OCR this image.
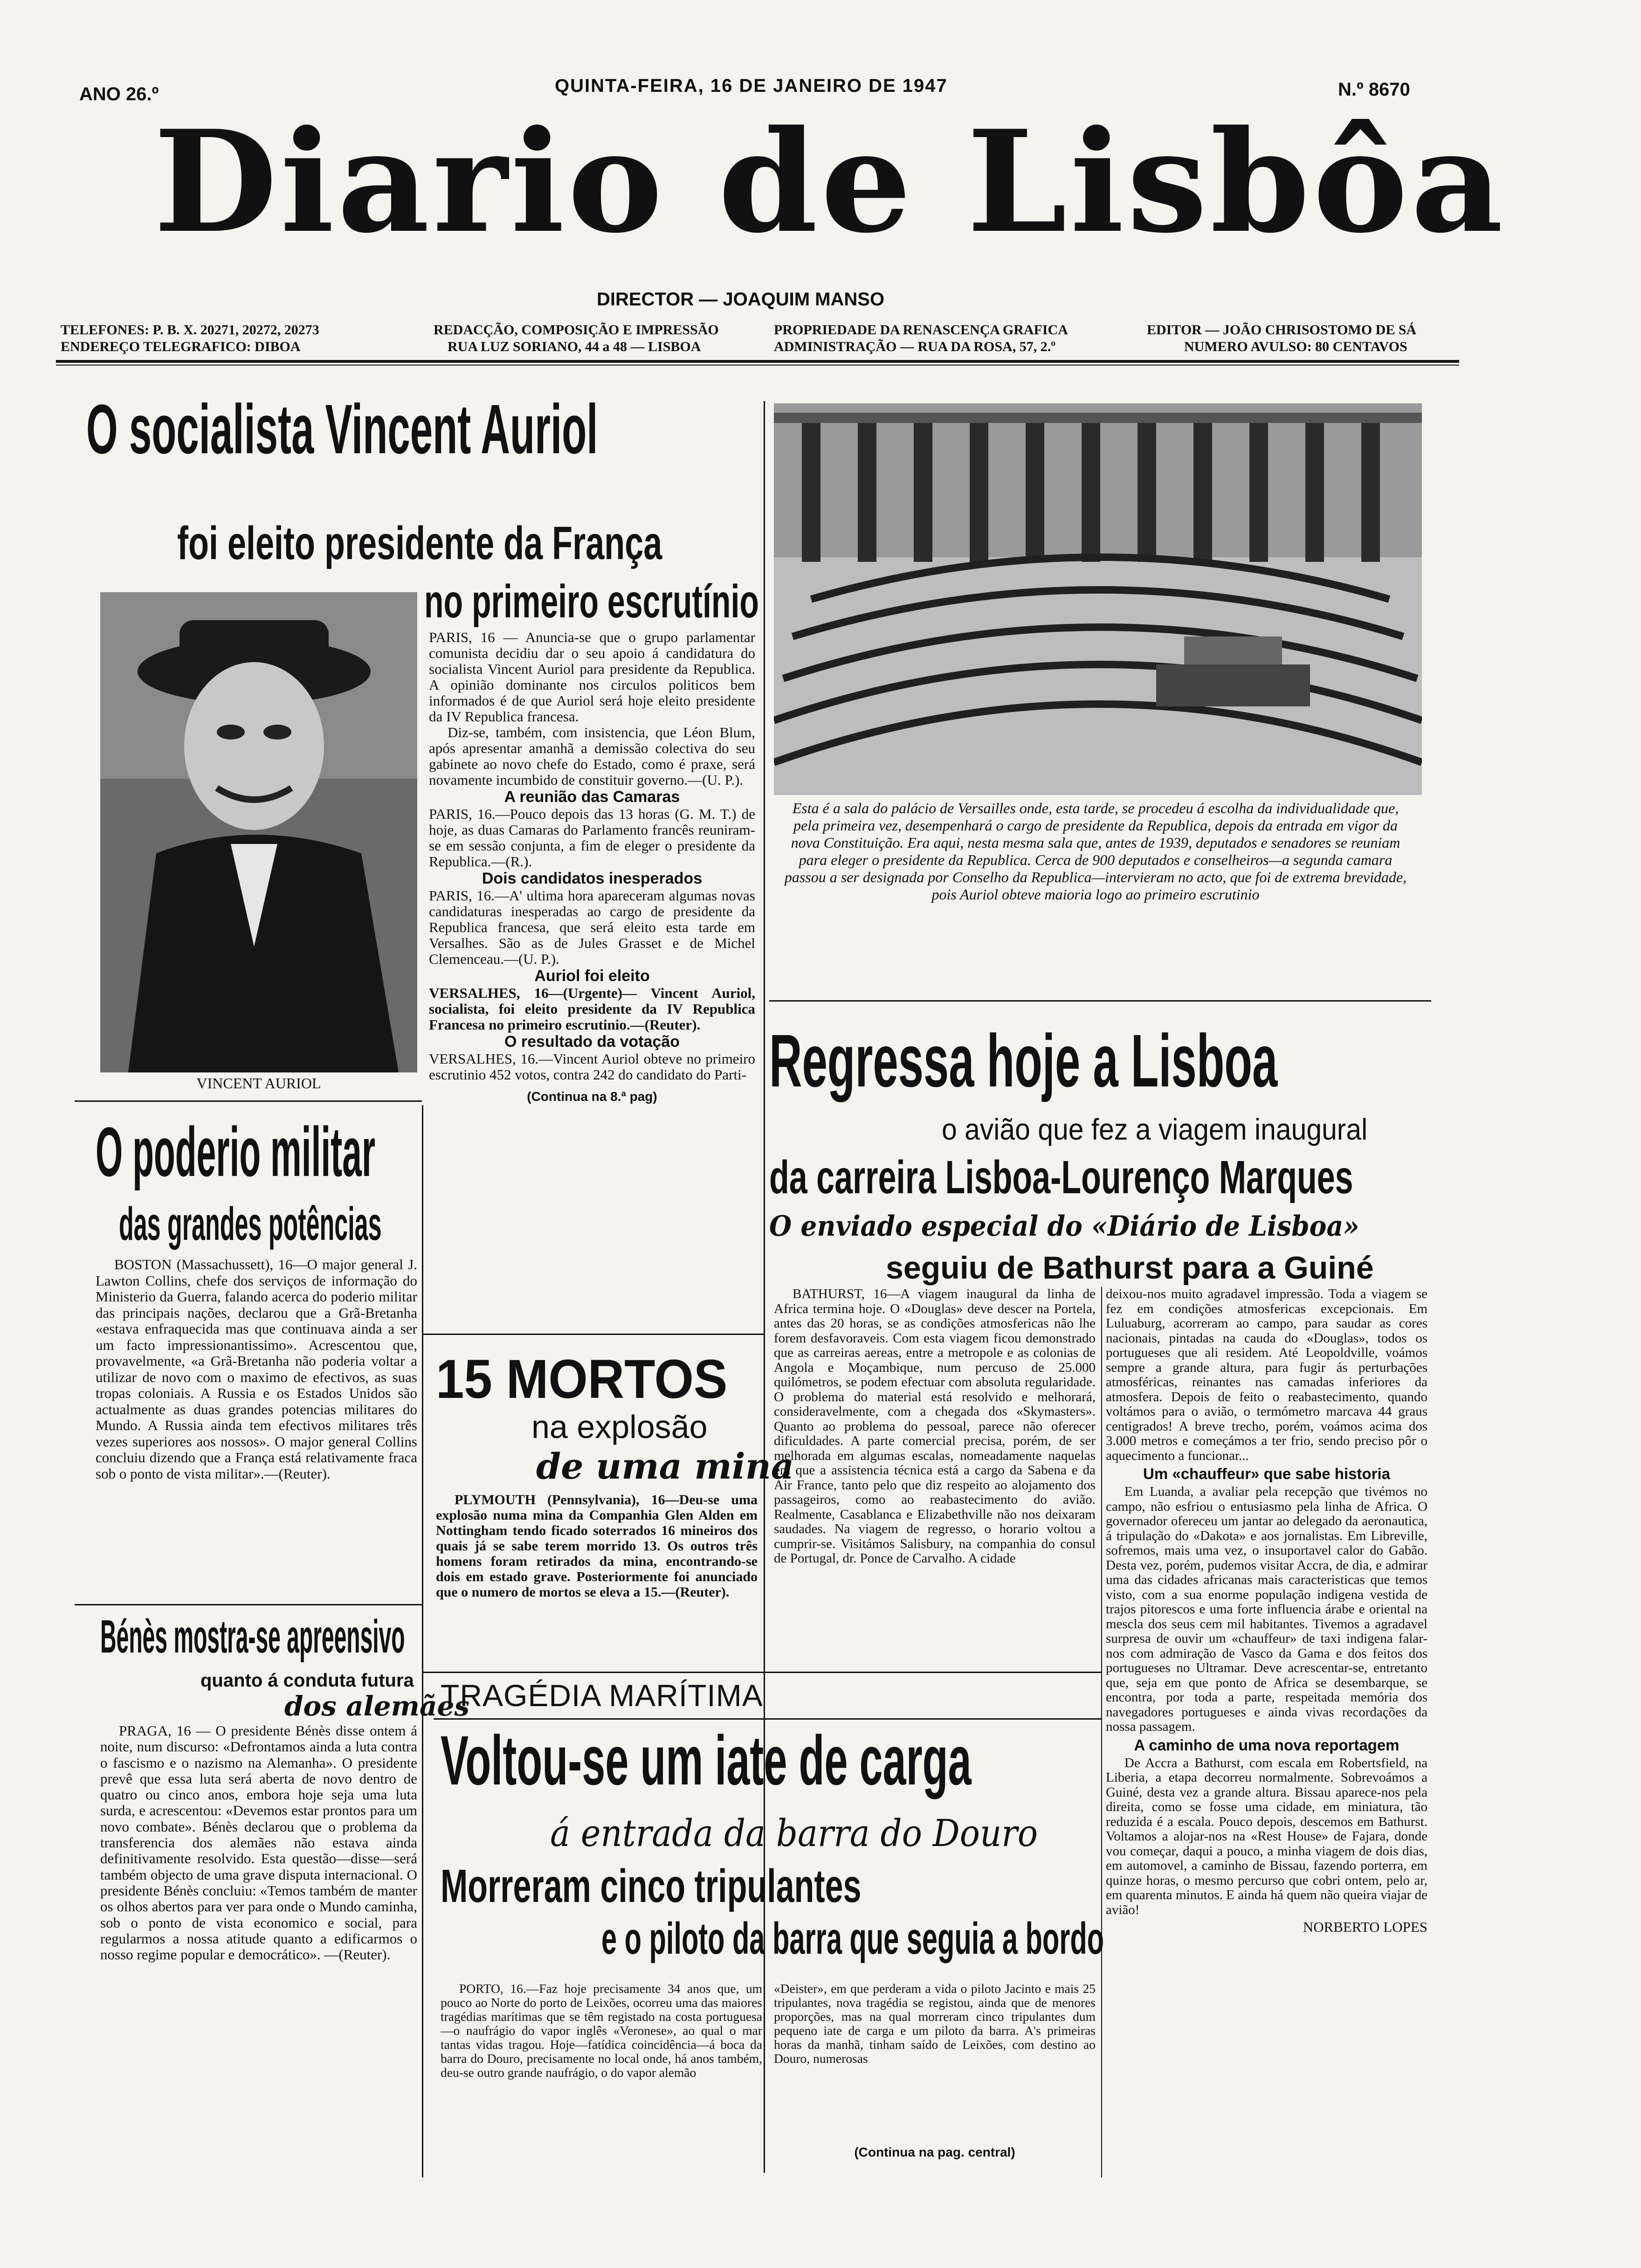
ANO 26.º	QUINTA-FEIRA, 16 DE JANEIRO DE 1947	N.º 8670
Diario de Lisbôa
DIRECTOR — JOAQUIM MANSO
TELEFONES: P. B. X. 20271, 20272, 20273
ENDEREÇO TELEGRAFICO: DIBOA
REDACÇÃO, COMPOSIÇÃO E IMPRESSÃO
RUA LUZ SORIANO, 44 a 48 — LISBOA
PROPRIEDADE DA RENASCENÇA GRAFICA
ADMINISTRAÇÃO — RUA DA ROSA, 57, 2.º
EDITOR — JOÃO CHRISOSTOMO DE SÁ
NUMERO AVULSO: 80 CENTAVOS
O socialista Vincent Auriol
foi eleito presidente da França
no primeiro escrutínio
VINCENT AURIOL
PARIS, 16 — Anuncia-se que o grupo parlamentar comunista decidiu dar o seu apoio á candidatura do socialista Vincent Auriol para presidente da Republica. A opinião dominante nos circulos politicos bem informados é de que Auriol será hoje eleito presidente da IV Republica francesa.
Diz-se, também, com insistencia, que Léon Blum, após apresentar amanhã a demissão colectiva do seu gabinete ao novo chefe do Estado, como é praxe, será novamente incumbido de constituir governo.—(U. P.).
A reunião das Camaras
PARIS, 16.—Pouco depois das 13 horas (G. M. T.) de hoje, as duas Camaras do Parlamento francês reuniram-se em sessão conjunta, a fim de eleger o presidente da Republica.—(R.).
Dois candidatos inesperados
PARIS, 16.—A' ultima hora apareceram algumas novas candidaturas inesperadas ao cargo de presidente da Republica francesa, que será eleito esta tarde em Versalhes. São as de Jules Grasset e de Michel Clemenceau.—(U. P.).
Auriol foi eleito
VERSALHES, 16—(Urgente)— Vincent Auriol, socialista, foi eleito presidente da IV Republica Francesa no primeiro escrutinio.—(Reuter).
O resultado da votação
VERSALHES, 16.—Vincent Auriol obteve no primeiro escrutinio 452 votos, contra 242 do candidato do Parti-
(Continua na 8.ª pag)
Esta é a sala do palácio de Versailles onde, esta tarde, se procedeu á escolha da individualidade que, pela primeira vez, desempenhará o cargo de presidente da Republica, depois da entrada em vigor da nova Constituição. Era aqui, nesta mesma sala que, antes de 1939, deputados e senadores se reuniam para eleger o presidente da Republica. Cerca de 900 deputados e conselheiros—a segunda camara passou a ser designada por Conselho da Republica—intervieram no acto, que foi de extrema brevidade, pois Auriol obteve maioria logo ao primeiro escrutinio
Regressa hoje a Lisboa
o avião que fez a viagem inaugural
da carreira Lisboa-Lourenço Marques
O enviado especial do «Diário de Lisboa»
seguiu de Bathurst para a Guiné
BATHURST, 16—A viagem inaugural da linha de Africa termina hoje. O «Douglas» deve descer na Portela, antes das 20 horas, se as condições atmosfericas não lhe forem desfavoraveis. Com esta viagem ficou demonstrado que as carreiras aereas, entre a metropole e as colonias de Angola e Moçambique, num percuso de 25.000 quilómetros, se podem efectuar com absoluta regularidade. O problema do material está resolvido e melhorará, consideravelmente, com a chegada dos «Skymasters». Quanto ao problema do pessoal, parece não oferecer dificuldades. A parte comercial precisa, porém, de ser melhorada em algumas escalas, nomeadamente naquelas em que a assistencia técnica está a cargo da Sabena e da Air France, tanto pelo que diz respeito ao alojamento dos passageiros, como ao reabastecimento do avião. Realmente, Casablanca e Elizabethville não nos deixaram saudades. Na viagem de regresso, o horario voltou a cumprir-se. Visitámos Salisbury, na companhia do consul de Portugal, dr. Ponce de Carvalho. A cidade
deixou-nos muito agradavel impressão. Toda a viagem se fez em condições atmosfericas excepcionais. Em Luluaburg, acorreram ao campo, para saudar as cores nacionais, pintadas na cauda do «Douglas», todos os portugueses que ali residem. Até Leopoldville, voámos sempre a grande altura, para fugir ás perturbações atmosféricas, reinantes nas camadas inferiores da atmosfera. Depois de feito o reabastecimento, quando voltámos para o avião, o termómetro marcava 44 graus centigrados! A breve trecho, porém, voámos acima dos 3.000 metros e começámos a ter frio, sendo preciso pôr o aquecimento a funcionar...
Um «chauffeur» que sabe historia
Em Luanda, a avaliar pela recepção que tivémos no campo, não esfriou o entusiasmo pela linha de Africa. O governador ofereceu um jantar ao delegado da aeronautica, á tripulação do «Dakota» e aos jornalistas. Em Libreville, sofremos, mais uma vez, o insuportavel calor do Gabão. Desta vez, porém, pudemos visitar Accra, de dia, e admirar uma das cidades africanas mais caracteristicas que temos visto, com a sua enorme população indigena vestida de trajos pitorescos e uma forte influencia árabe e oriental na mescla dos seus cem mil habitantes. Tivemos a agradavel surpresa de ouvir um «chauffeur» de taxi indigena falar-nos com admiração de Vasco da Gama e dos feitos dos portugueses no Ultramar. Deve acrescentar-se, entretanto que, seja em que ponto de Africa se desembarque, se encontra, por toda a parte, respeitada memória dos navegadores portugueses e ainda vivas recordações da nossa passagem.
A caminho de uma nova reportagem
De Accra a Bathurst, com escala em Robertsfield, na Liberia, a etapa decorreu normalmente. Sobrevoámos a Guiné, desta vez a grande altura. Bissau aparece-nos pela direita, como se fosse uma cidade, em miniatura, tão reduzida é a escala. Pouco depois, descemos em Bathurst. Voltamos a alojar-nos na «Rest House» de Fajara, donde vou começar, daqui a pouco, a minha viagem de dois dias, em automovel, a caminho de Bissau, fazendo porterra, em quinze horas, o mesmo percurso que cobri ontem, pelo ar, em quarenta minutos. E ainda há quem não queira viajar de avião!
NORBERTO LOPES
TRAGÉDIA MARÍTIMA
Voltou-se um iate de carga
á entrada da barra do Douro
Morreram cinco tripulantes
e o piloto da barra que seguia a bordo
PORTO, 16.—Faz hoje precisamente 34 anos que, um pouco ao Norte do porto de Leixões, ocorreu uma das maiores tragédias marítimas que se têm registado na costa portuguesa—o naufrágio do vapor inglês «Veronese», ao qual o mar tantas vidas tragou. Hoje—fatídica coincidência—á boca da barra do Douro, precisamente no local onde, há anos também, deu-se outro grande naufrágio, o do vapor alemão
«Deister», em que perderam a vida o piloto Jacinto e mais 25 tripulantes, nova tragédia se registou, ainda que de menores proporções, mas na qual morreram cinco tripulantes dum pequeno iate de carga e um piloto da barra. A's primeiras horas da manhã, tinham saído de Leixões, com destino ao Douro, numerosas
(Continua na pag. central)
O poderio militar
das grandes potências
BOSTON (Massachussett), 16—O major general J. Lawton Collins, chefe dos serviços de informação do Ministerio da Guerra, falando acerca do poderio militar das principais nações, declarou que a Grã-Bretanha «estava enfraquecida mas que continuava ainda a ser um facto impressionantissimo». Acrescentou que, provavelmente, «a Grã-Bretanha não poderia voltar a utilizar de novo com o maximo de efectivos, as suas tropas coloniais. A Russia e os Estados Unidos são actualmente as duas grandes potencias militares do Mundo. A Russia ainda tem efectivos militares três vezes superiores aos nossos». O major general Collins concluiu dizendo que a França está relativamente fraca sob o ponto de vista militar».—(Reuter).
Bénès mostra-se apreensivo
quanto á conduta futura
dos alemães
PRAGA, 16 — O presidente Bénès disse ontem á noite, num discurso: «Defrontamos ainda a luta contra o fascismo e o nazismo na Alemanha». O presidente prevê que essa luta será aberta de novo dentro de quatro ou cinco anos, embora hoje seja uma luta surda, e acrescentou: «Devemos estar prontos para um novo combate». Bénès declarou que o problema da transferencia dos alemães não estava ainda definitivamente resolvido. Esta questão—disse—será também objecto de uma grave disputa internacional. O presidente Bénès concluiu: «Temos também de manter os olhos abertos para ver para onde o Mundo caminha, sob o ponto de vista economico e social, para regularmos a nossa atitude quanto a edificarmos o nosso regime popular e democrático». —(Reuter).
15 MORTOS
na explosão
de uma mina
PLYMOUTH (Pennsylvania), 16—Deu-se uma explosão numa mina da Companhia Glen Alden em Nottingham tendo ficado soterrados 16 mineiros dos quais já se sabe terem morrido 13. Os outros três homens foram retirados da mina, encontrando-se dois em estado grave. Posteriormente foi anunciado que o numero de mortos se eleva a 15.—(Reuter).
